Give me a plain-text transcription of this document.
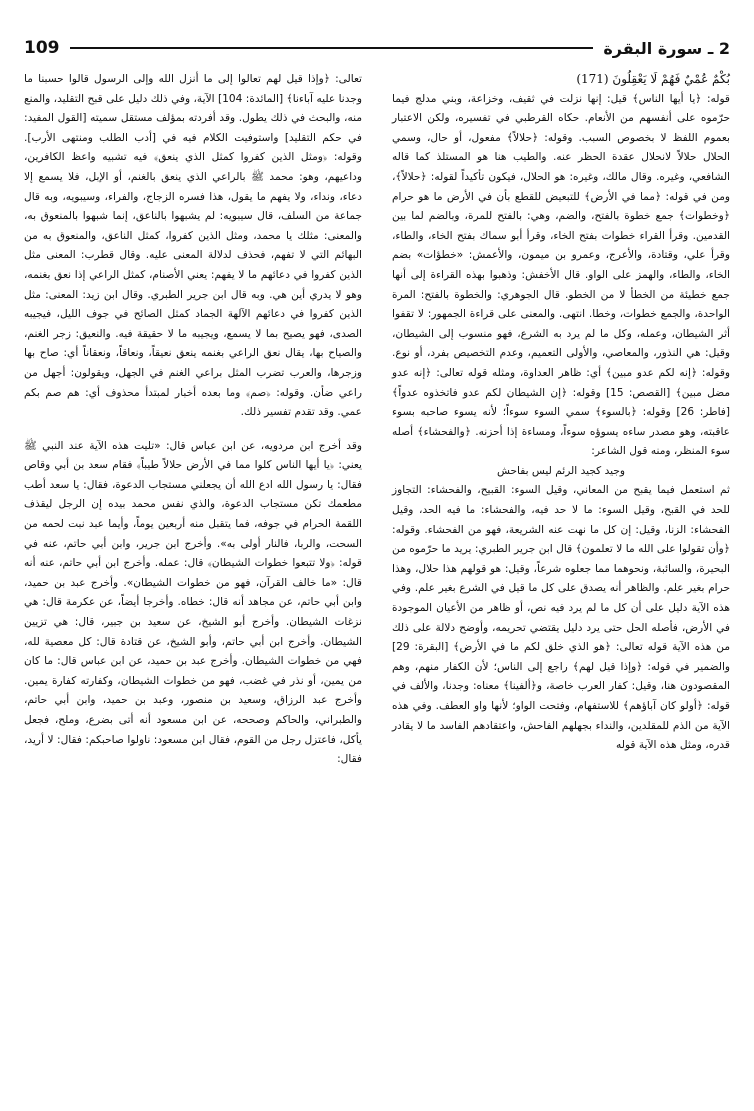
109	2 ـ سورة البقرة

بُكْمٌ عُمْيٌ فَهُمْ لَا يَعْقِلُونَ (171)

قوله: ﴿يا أيها الناس﴾ قيل: إنها نزلت في ثقيف، وخزاعة، وبني مدلج فيما حرّموه على أنفسهم من الأنعام. حكاه القرطبي في تفسيره، ولكن الاعتبار بعموم اللفظ لا بخصوص السبب. وقوله: ﴿حلالاً﴾ مفعول، أو حال، وسمي الحلال حلالاً لانحلال عقدة الحظر عنه. والطيب هنا هو المستلذ كما قاله الشافعي، وغيره. وقال مالك، وغيره: هو الحلال، فيكون تأكيداً لقوله: ﴿حلالاً﴾، ومن في قوله: ﴿مما في الأرض﴾ للتبعيض للقطع بأن في الأرض ما هو حرام ﴿وخطوات﴾ جمع خطوة بالفتح، والضم، وهي: بالفتح للمرة، وبالضم لما بين القدمين. وقرأ القراء خطوات بفتح الخاء، وقرأ أبو سماك بفتح الخاء، والطاء، وقرأ علي، وقتادة، والأعرج، وعمرو بن ميمون، والأعمش: «خطؤات» بضم الخاء، والطاء، والهمز على الواو. قال الأخفش: وذهبوا بهذه القراءة إلى أنها جمع خطيئة من الخطأ لا من الخطو. قال الجوهري: والخطوة بالفتح: المرة الواحدة، والجمع خطوات، وخطا. انتهى. والمعنى على قراءة الجمهور: لا تقفوا أثر الشيطان، وعمله، وكل ما لم يرد به الشرع، فهو منسوب إلى الشيطان، وقيل: هي النذور، والمعاصي، والأولى التعميم، وعدم التخصيص بفرد، أو نوع. وقوله: ﴿إنه لكم عدو مبين﴾ أي: ظاهر العداوة، ومثله قوله تعالى: ﴿إنه عدو مضل مبين﴾ [القصص: 15] وقوله: ﴿إن الشيطان لكم عدو فاتخذوه عدواً﴾ [فاطر: 26] وقوله: ﴿بالسوء﴾ سمي السوء سوءاً؛ لأنه يسوء صاحبه بسوء عاقبته، وهو مصدر ساءه يسوؤه سوءاً، ومساءة إذا أحزنه. ﴿والفحشاء﴾ أصله سوء المنظر، ومنه قول الشاعر:

وجيد كجيد الرئم ليس بفاحش

ثم استعمل فيما يقبح من المعاني، وقيل السوء: القبيح، والفحشاء: التجاوز للحد في القبح، وقيل السوء: ما لا حد فيه، والفحشاء: ما فيه الحد، وقيل الفحشاء: الزنا، وقيل: إن كل ما نهت عنه الشريعة، فهو من الفحشاء. وقوله: ﴿وأن تقولوا على الله ما لا تعلمون﴾ قال ابن جرير الطبري: يريد ما حرّموه من البحيرة، والسائبة، ونحوهما مما جعلوه شرعاً، وقيل: هو قولهم هذا حلال، وهذا حرام بغير علم. والظاهر أنه يصدق على كل ما قيل في الشرع بغير علم. وفي هذه الآية دليل على أن كل ما لم يرد فيه نص، أو ظاهر من الأعيان الموجودة في الأرض، فأصله الحل حتى يرد دليل يقتضي تحريمه، وأوضح دلالة على ذلك من هذه الآية قوله تعالى: ﴿هو الذي خلق لكم ما في الأرض﴾ [البقرة: 29] والضمير في قوله: ﴿وإذا قيل لهم﴾ راجع إلى الناس؛ لأن الكفار منهم، وهم المقصودون هنا، وقيل: كفار العرب خاصة، و﴿ألفينا﴾ معناه: وجدنا، والألف في قوله: ﴿أولو كان آباؤهم﴾ للاستفهام، وفتحت الواو؛ لأنها واو العطف. وفي هذه الآية من الذم للمقلدين، والنداء بجهلهم الفاحش، واعتقادهم الفاسد ما لا يقادر قدره، ومثل هذه الآية قوله

تعالى: ﴿وإذا قيل لهم تعالوا إلى ما أنزل الله وإلى الرسول قالوا حسبنا ما وجدنا عليه آباءنا﴾ [المائدة: 104] الآية، وفي ذلك دليل على قبح التقليد، والمنع منه، والبحث في ذلك يطول. وقد أفردته بمؤلف مستقل سميته [القول المفيد: في حكم التقليد] واستوفيت الكلام فيه في [أدب الطلب ومنتهى الأرب]. وقوله: ﴿ومثل الذين كفروا كمثل الذي ينعق﴾ فيه تشبيه واعظ الكافرين، وداعيهم، وهو: محمد ﷺ بالراعي الذي ينعق بالغنم، أو الإبل، فلا يسمع إلا دعاء، ونداء، ولا يفهم ما يقول، هذا فسره الزجاج، والفراء، وسيبويه، وبه قال جماعة من السلف، قال سيبويه: لم يشبهوا بالناعق، إنما شبهوا بالمنعوق به، والمعنى: مثلك يا محمد، ومثل الذين كفروا، كمثل الناعق، والمنعوق به من البهائم التي لا تفهم، فحذف لدلالة المعنى عليه. وقال قطرب: المعنى مثل الذين كفروا في دعائهم ما لا يفهم: يعني الأصنام، كمثل الراعي إذا نعق بغنمه، وهو لا يدري أين هي. وبه قال ابن جرير الطبري. وقال ابن زيد: المعنى: مثل الذين كفروا في دعائهم الآلهة الجماد كمثل الصائح في جوف الليل، فيجيبه الصدى، فهو يصيح بما لا يسمع، ويجيبه ما لا حقيقة فيه. والنعيق: زجر الغنم، والصياح بها، يقال نعق الراعي بغنمه ينعق نعيقاً، ونعاقاً، ونعقاناً أي: صاح بها وزجرها، والعرب تضرب المثل براعي الغنم في الجهل، ويقولون: أجهل من راعي ضأن. وقوله: ﴿صم﴾ وما بعده أخبار لمبتدأ محذوف أي: هم صم بكم عمي. وقد تقدم تفسير ذلك.

وقد أخرج ابن مردويه، عن ابن عباس قال: «تليت هذه الآية عند النبي ﷺ يعني: ﴿يا أيها الناس كلوا مما في الأرض حلالاً طيباً﴾ فقام سعد بن أبي وقاص فقال: يا رسول الله ادع الله أن يجعلني مستجاب الدعوة، فقال: يا سعد أطب مطعمك تكن مستجاب الدعوة، والذي نفس محمد بيده إن الرجل ليقذف اللقمة الحرام في جوفه، فما يتقبل منه أربعين يوماً، وأيما عبد نبت لحمه من السحت، والربا، فالنار أولى به». وأخرج ابن جرير، وابن أبي حاتم، عنه في قوله: ﴿ولا تتبعوا خطوات الشيطان﴾ قال: عمله. وأخرج ابن أبي حاتم، عنه أنه قال: «ما خالف القرآن، فهو من خطوات الشيطان». وأخرج عبد بن حميد، وابن أبي حاتم، عن مجاهد أنه قال: خطاه. وأخرجا أيضاً، عن عكرمة قال: هي نزغات الشيطان. وأخرج أبو الشيخ، عن سعيد بن جبير، قال: هي تزيين الشيطان. وأخرج ابن أبي حاتم، وأبو الشيخ، عن قتادة قال: كل معصية لله، فهي من خطوات الشيطان. وأخرج عبد بن حميد، عن ابن عباس قال: ما كان من يمين، أو نذر في غضب، فهو من خطوات الشيطان، وكفارته كفارة يمين. وأخرج عبد الرزاق، وسعيد بن منصور، وعبد بن حميد، وابن أبي حاتم، والطبراني، والحاكم وصححه، عن ابن مسعود أنه أتى بضرع، وملح، فجعل يأكل، فاعتزل رجل من القوم، فقال ابن مسعود: ناولوا صاحبكم: فقال: لا أريد، فقال:
